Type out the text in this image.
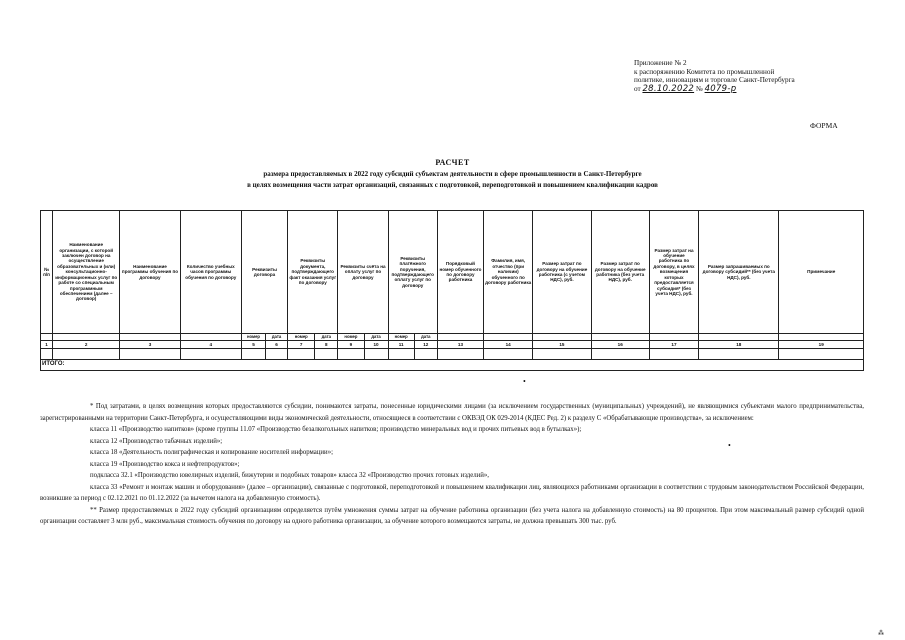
Приложение № 2
к распоряжению Комитета по промышленной
политике, инновациям и торговле Санкт-Петербурга
от 28.10.2022 № 4079-р
ФОРМА
РАСЧЕТ
размера предоставляемых в 2022 году субсидий субъектам деятельности в сфере промышленности в Санкт-Петербурге
в целях возмещения части затрат организаций, связанных с подготовкой, переподготовкой и повышением квалификации кадров
№ п/п	Наименование организации, с которой заключен договор на осуществление образовательных и (или) консультационно-информационных услуг по работе со специальным программным обеспечением (далее – договор)	Наименование программы обучения по договору	Количество учебных часов программы обучения по договору	Реквизиты договора		Реквизиты документа, подтверждающего факт оказания услуг по договору		Реквизиты счёта на оплату услуг по договору		Реквизиты платёжного поручения, подтверждающего оплату услуг по договору		Порядковый номер обученного по договору работника	Фамилия, имя, отчество (при наличии) обученного по договору работника	Размер затрат по договору на обучение работника (с учетом НДС), руб.	Размер затрат по договору на обучение работника (без учета НДС), руб.	Размер затрат на обучение работника по договору, в целях возмещения которых предоставляется субсидия* (без учета НДС), руб.	Размер запрашиваемых по договору субсидий** (без учета НДС), руб.	Примечание
				номер	дата	номер	дата	номер	дата	номер	дата							
1	2	3	4	5	6	7	8	9	10	11	12	13	14	15	16	17	18	19

ИТОГО:																		
•
•

* Под затратами, в целях возмещения которых предоставляются субсидии, понимаются затраты, понесенные юридическими лицами (за исключением государственных (муниципальных) учреждений), не являющимися субъектами малого предпринимательства, зарегистрированными на территории Санкт-Петербурга, и осуществляющими виды экономической деятельности, относящиеся в соответствии с ОКВЭД ОК 029-2014 (КДЕС Ред. 2) к разделу С «Обрабатывающие производства», за исключением:

класса 11 «Производство напитков» (кроме группы 11.07 «Производство безалкогольных напитков; производство минеральных вод и прочих питьевых вод в бутылках»);

класса 12 «Производство табачных изделий»;

класса 18 «Деятельность полиграфическая и копирование носителей информации»;

класса 19 «Производство кокса и нефтепродуктов»;

подкласса 32.1 «Производство ювелирных изделий, бижутерии и подобных товаров» класса 32 «Производство прочих готовых изделий»,

класса 33 «Ремонт и монтаж машин и оборудования» (далее – организации), связанные с подготовкой, переподготовкой и повышением квалификации лиц, являющихся работниками организации в соответствии с трудовым законодательством Российской Федерации, возникшие за период с 02.12.2021 по 01.12.2022 (за вычетом налога на добавленную стоимость).

** Размер предоставляемых в 2022 году субсидий организациям определяется путём умножения суммы затрат на обучение работника организации (без учета налога на добавленную стоимость) на 80 процентов. При этом максимальный размер субсидий одной организации составляет 3 млн руб., максимальная стоимость обучения по договору на одного работника организации, за обучение которого возмещаются затраты, не должна превышать 300 тыс. руб.

⁂
